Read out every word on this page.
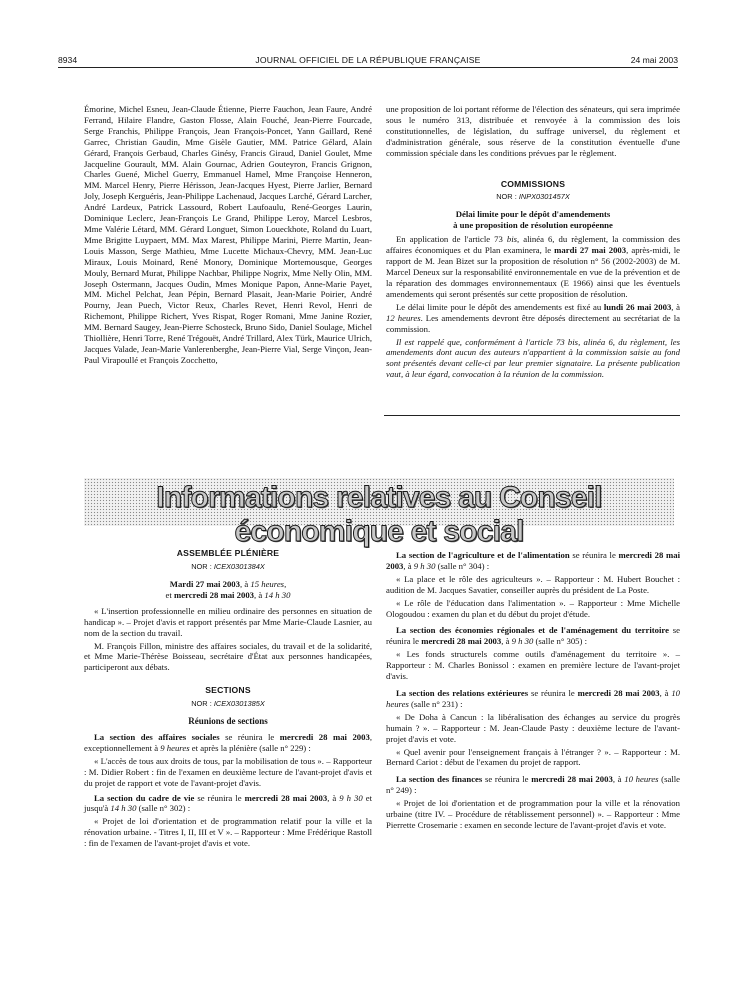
8934	JOURNAL OFFICIEL DE LA RÉPUBLIQUE FRANÇAISE	24 mai 2003

Émorine, Michel Esneu, Jean-Claude Étienne, Pierre Fauchon, Jean Faure, André Ferrand, Hilaire Flandre, Gaston Flosse, Alain Fouché, Jean-Pierre Fourcade, Serge Franchis, Philippe François, Jean François-Poncet, Yann Gaillard, René Garrec, Christian Gaudin, Mme Gisèle Gautier, MM. Patrice Gélard, Alain Gérard, François Gerbaud, Charles Ginésy, Francis Giraud, Daniel Goulet, Mme Jacqueline Gourault, MM. Alain Gournac, Adrien Gouteyron, Francis Grignon, Charles Guené, Michel Guerry, Emmanuel Hamel, Mme Françoise Henneron, MM. Marcel Henry, Pierre Hérisson, Jean-Jacques Hyest, Pierre Jarlier, Bernard Joly, Joseph Kerguéris, Jean-Philippe Lachenaud, Jacques Larché, Gérard Larcher, André Lardeux, Patrick Lassourd, Robert Laufoaulu, René-Georges Laurin, Dominique Leclerc, Jean-François Le Grand, Philippe Leroy, Marcel Lesbros, Mme Valérie Létard, MM. Gérard Longuet, Simon Loueckhote, Roland du Luart, Mme Brigitte Luypaert, MM. Max Marest, Philippe Marini, Pierre Martin, Jean-Louis Masson, Serge Mathieu, Mme Lucette Michaux-Chevry, MM. Jean-Luc Miraux, Louis Moinard, René Monory, Dominique Mortemousque, Georges Mouly, Bernard Murat, Philippe Nachbar, Philippe Nogrix, Mme Nelly Olin, MM. Joseph Ostermann, Jacques Oudin, Mmes Monique Papon, Anne-Marie Payet, MM. Michel Pelchat, Jean Pépin, Bernard Plasait, Jean-Marie Poirier, André Pourny, Jean Puech, Victor Reux, Charles Revet, Henri Revol, Henri de Richemont, Philippe Richert, Yves Rispat, Roger Romani, Mme Janine Rozier, MM. Bernard Saugey, Jean-Pierre Schosteck, Bruno Sido, Daniel Soulage, Michel Thiollière, Henri Torre, René Trégouët, André Trillard, Alex Türk, Maurice Ulrich, Jacques Valade, Jean-Marie Vanlerenberghe, Jean-Pierre Vial, Serge Vinçon, Jean-Paul Virapoullé et François Zocchetto,

une proposition de loi portant réforme de l'élection des sénateurs, qui sera imprimée sous le numéro 313, distribuée et renvoyée à la commission des lois constitutionnelles, de législation, du suffrage universel, du règlement et d'administration générale, sous réserve de la constitution éventuelle d'une commission spéciale dans les conditions prévues par le règlement.

COMMISSIONS
NOR : INPX0301457X
Délai limite pour le dépôt d'amendements
à une proposition de résolution européenne

En application de l'article 73 bis, alinéa 6, du règlement, la commission des affaires économiques et du Plan examinera, le mardi 27 mai 2003, après-midi, le rapport de M. Jean Bizet sur la proposition de résolution n° 56 (2002-2003) de M. Marcel Deneux sur la responsabilité environnementale en vue de la prévention et de la réparation des dommages environnementaux (E 1966) ainsi que les éventuels amendements qui seront présentés sur cette proposition de résolution.

Le délai limite pour le dépôt des amendements est fixé au lundi 26 mai 2003, à 12 heures. Les amendements devront être déposés directement au secrétariat de la commission.

Il est rappelé que, conformément à l'article 73 bis, alinéa 6, du règlement, les amendements dont aucun des auteurs n'appartient à la commission saisie au fond sont présentés devant celle-ci par leur premier signataire. La présente publication vaut, à leur égard, convocation à la réunion de la commission.

Informations relatives au Conseil économique et social
ASSEMBLÉE PLÉNIÈRE
NOR : ICEX0301384X
Mardi 27 mai 2003, à 15 heures,
et mercredi 28 mai 2003, à 14 h 30

« L'insertion professionnelle en milieu ordinaire des personnes en situation de handicap ». – Projet d'avis et rapport présentés par Mme Marie-Claude Lasnier, au nom de la section du travail.

M. François Fillon, ministre des affaires sociales, du travail et de la solidarité, et Mme Marie-Thérèse Boisseau, secrétaire d'État aux personnes handicapées, participeront aux débats.

SECTIONS
NOR : ICEX0301385X
Réunions de sections

La section des affaires sociales se réunira le mercredi 28 mai 2003, exceptionnellement à 9 heures et après la plénière (salle n° 229) :

« L'accès de tous aux droits de tous, par la mobilisation de tous ». – Rapporteur : M. Didier Robert : fin de l'examen en deuxième lecture de l'avant-projet d'avis et du projet de rapport et vote de l'avant-projet d'avis.

La section du cadre de vie se réunira le mercredi 28 mai 2003, à 9 h 30 et jusqu'à 14 h 30 (salle n° 302) :

« Projet de loi d'orientation et de programmation relatif pour la ville et la rénovation urbaine. - Titres I, II, III et V ». – Rapporteur : Mme Frédérique Rastoll : fin de l'examen de l'avant-projet d'avis et vote.

La section de l'agriculture et de l'alimentation se réunira le mercredi 28 mai 2003, à 9 h 30 (salle n° 304) :

« La place et le rôle des agriculteurs ». – Rapporteur : M. Hubert Bouchet : audition de M. Jacques Savatier, conseiller auprès du président de La Poste.

« Le rôle de l'éducation dans l'alimentation ». – Rapporteur : Mme Michelle Ologoudou : examen du plan et du début du projet d'étude.

La section des économies régionales et de l'aménagement du territoire se réunira le mercredi 28 mai 2003, à 9 h 30 (salle n° 305) :

« Les fonds structurels comme outils d'aménagement du territoire ». – Rapporteur : M. Charles Bonissol : examen en première lecture de l'avant-projet d'avis.

La section des relations extérieures se réunira le mercredi 28 mai 2003, à 10 heures (salle n° 231) :

« De Doha à Cancun : la libéralisation des échanges au service du progrès humain ? ». – Rapporteur : M. Jean-Claude Pasty : deuxième lecture de l'avant-projet d'avis et vote.

« Quel avenir pour l'enseignement français à l'étranger ? ». – Rapporteur : M. Bernard Cariot : début de l'examen du projet de rapport.

La section des finances se réunira le mercredi 28 mai 2003, à 10 heures (salle n° 249) :

« Projet de loi d'orientation et de programmation pour la ville et la rénovation urbaine (titre IV. – Procédure de rétablissement personnel) ». – Rapporteur : Mme Pierrette Crosemarie : examen en seconde lecture de l'avant-projet d'avis et vote.
